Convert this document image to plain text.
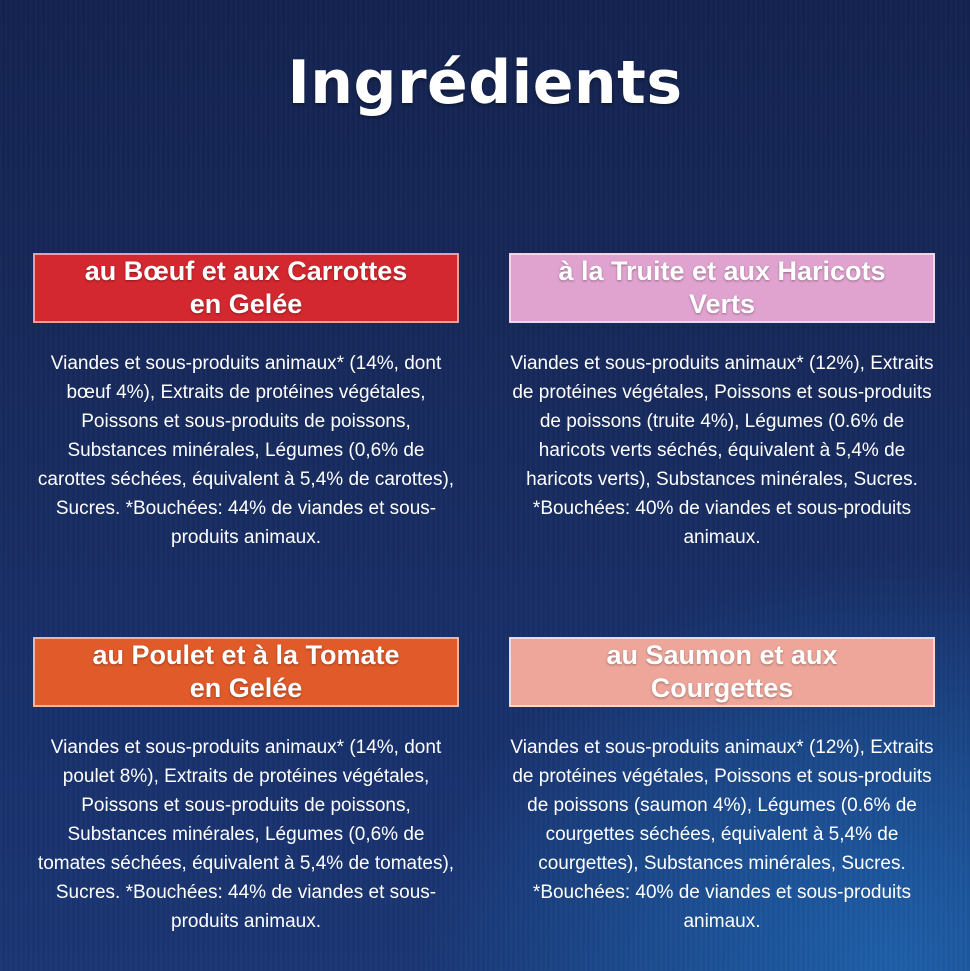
Ingrédients
au Bœuf et aux Carrottes
en Gelée

Viandes et sous-produits animaux* (14%, dont bœuf 4%), Extraits de protéines végétales, Poissons et sous-produits de poissons, Substances minérales, Légumes (0,6% de carottes séchées, équivalent à 5,4% de carottes), Sucres. *Bouchées: 44% de viandes et sous-produits animaux.

à la Truite et aux Haricots
Verts

Viandes et sous-produits animaux* (12%), Extraits de protéines végétales, Poissons et sous-produits de poissons (truite 4%), Légumes (0.6% de haricots verts séchés, équivalent à 5,4% de haricots verts), Substances minérales, Sucres. *Bouchées: 40% de viandes et sous-produits animaux.

au Poulet et à la Tomate
en Gelée

Viandes et sous-produits animaux* (14%, dont poulet 8%), Extraits de protéines végétales, Poissons et sous-produits de poissons, Substances minérales, Légumes (0,6% de tomates séchées, équivalent à 5,4% de tomates), Sucres. *Bouchées: 44% de viandes et sous-produits animaux.

au Saumon et aux
Courgettes

Viandes et sous-produits animaux* (12%), Extraits de protéines végétales, Poissons et sous-produits de poissons (saumon 4%), Légumes (0.6% de courgettes séchées, équivalent à 5,4% de courgettes), Substances minérales, Sucres. *Bouchées: 40% de viandes et sous-produits animaux.
